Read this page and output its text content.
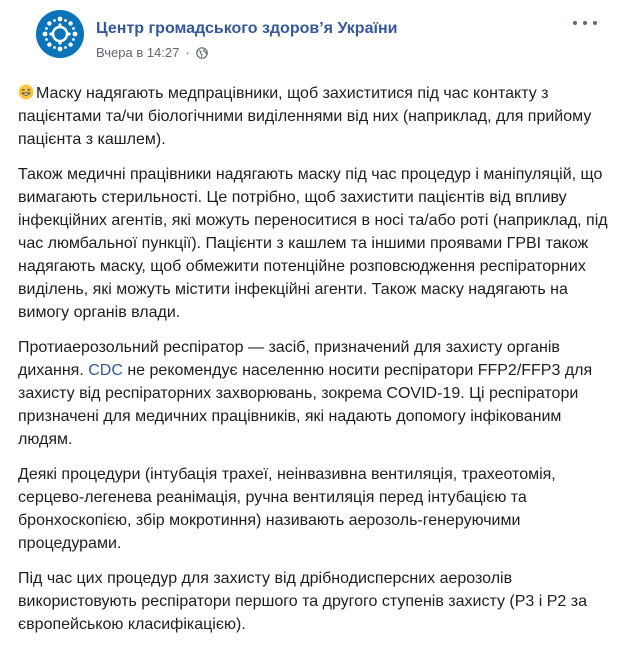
Центр громадського здоров’я України
Вчера в 14:27 ·

Маску надягають медпрацівники, щоб захиститися під час контакту з пацієнтами та/чи біологічними виділеннями від них (наприклад, для прийому пацієнта з кашлем).

Також медичні працівники надягають маску під час процедур і маніпуляцій, що вимагають стерильності. Це потрібно, щоб захистити пацієнтів від впливу інфекційних агентів, які можуть переноситися в носі та/або роті (наприклад, під час люмбальної пункції). Пацієнти з кашлем та іншими проявами ГРВІ також надягають маску, щоб обмежити потенційне розповсюдження респіраторних виділень, які можуть містити інфекційні агенти. Також маску надягають на вимогу органів влади.

Протиаерозольний респіратор — засіб, призначений для захисту органів дихання. CDC не рекомендує населенню носити респіратори FFP2/FFP3 для захисту від респіраторних захворювань, зокрема COVID-19. Ці респіратори призначені для медичних працівників, які надають допомогу інфікованим людям.

Деякі процедури (інтубація трахеї, неінвазивна вентиляція, трахеотомія, серцево-легенева реанімація, ручна вентиляція перед інтубацією та бронхоскопією, збір мокротиння) називають аерозоль-генеруючими процедурами.

Під час цих процедур для захисту від дрібнодисперсних аерозолів використовують респіратори першого та другого ступенів захисту (Р3 і Р2 за європейською класифікацією).
